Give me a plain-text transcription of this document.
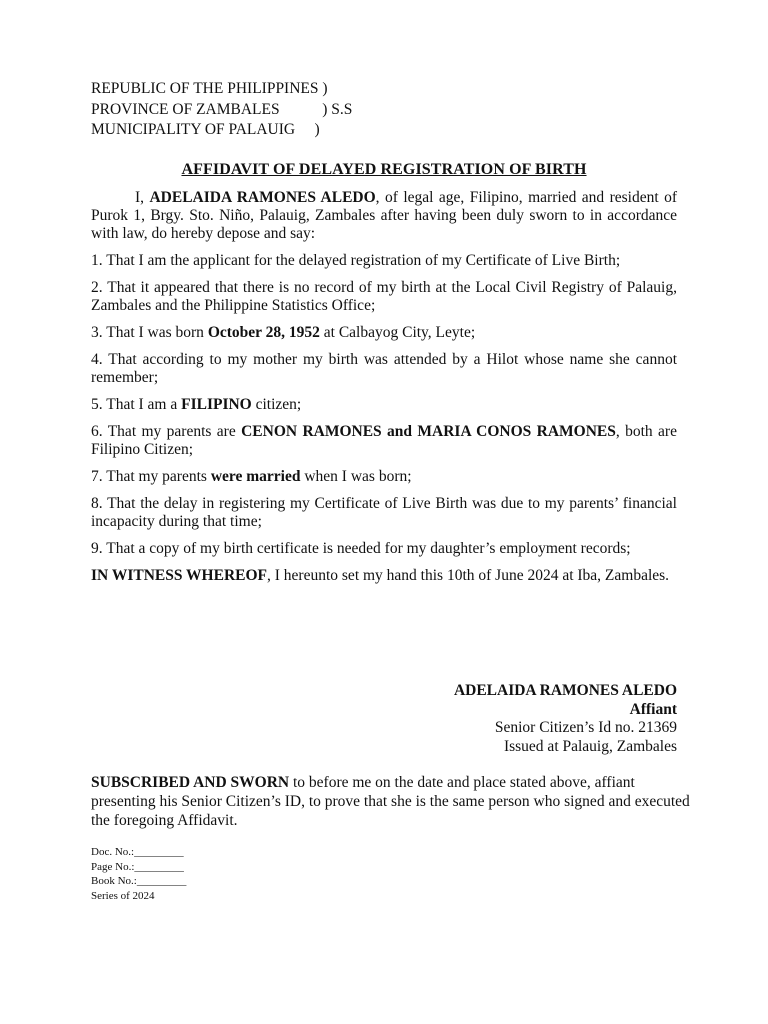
REPUBLIC OF THE PHILIPPINES )
PROVINCE OF ZAMBALES           ) S.S
MUNICIPALITY OF PALAUIG     )
AFFIDAVIT OF DELAYED REGISTRATION OF BIRTH

I, ADELAIDA RAMONES ALEDO, of legal age, Filipino, married and resident of Purok 1, Brgy. Sto. Niño, Palauig, Zambales after having been duly sworn to in accordance with law, do hereby depose and say:

1. That I am the applicant for the delayed registration of my Certificate of Live Birth;

2. That it appeared that there is no record of my birth at the Local Civil Registry of Palauig, Zambales and the Philippine Statistics Office;

3. That I was born October 28, 1952 at Calbayog City, Leyte;

4. That according to my mother my birth was attended by a Hilot whose name she cannot remember;

5. That I am a FILIPINO citizen;

6. That my parents are CENON RAMONES and MARIA CONOS RAMONES, both are Filipino Citizen;

7. That my parents were married when I was born;

8. That the delay in registering my Certificate of Live Birth was due to my parents’ financial incapacity during that time;

9. That a copy of my birth certificate is needed for my daughter’s employment records;

IN WITNESS WHEREOF, I hereunto set my hand this 10th of June 2024 at Iba, Zambales.

ADELAIDA RAMONES ALEDO
Affiant
Senior Citizen’s Id no. 21369
Issued at Palauig, Zambales
SUBSCRIBED AND SWORN to before me on the date and place stated above, affiant presenting his Senior Citizen’s ID, to prove that she is the same person who signed and executed the foregoing Affidavit.
Doc. No.:_________
Page No.:_________
Book No.:_________
Series of 2024
